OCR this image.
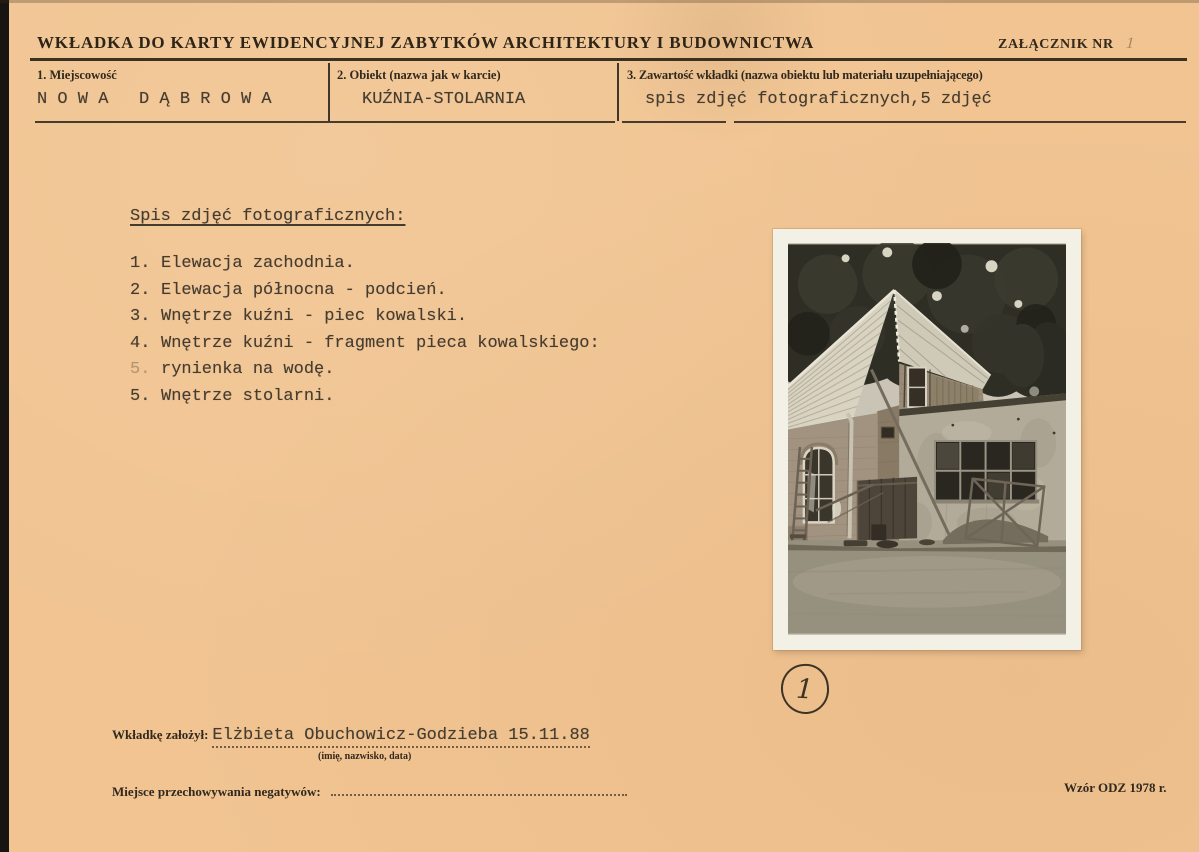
WKŁADKA DO KARTY EWIDENCYJNEJ ZABYTKÓW ARCHITEKTURY I BUDOWNICTWA	ZAŁĄCZNIK NR 1
1. Miejscowość
N O W A   D Ą B R O W A
2. Obiekt (nazwa jak w karcie)
KUŹNIA-STOLARNIA
3. Zawartość wkładki (nazwa obiektu lub materiału uzupełniającego)
spis zdjęć fotograficznych,5 zdjęć
Spis zdjęć fotograficznych:
1. Elewacja zachodnia.
2. Elewacja północna - podcień.
3. Wnętrze kuźni - piec kowalski.
4. Wnętrze kuźni - fragment pieca kowalskiego:
5. rynienka na wodę.
5. Wnętrze stolarni.
1
Wkładkę założył: Elżbieta Obuchowicz-Godzieba 15.11.88
(imię, nazwisko, data)
Miejsce przechowywania negatywów:	Wzór ODZ 1978 r.
